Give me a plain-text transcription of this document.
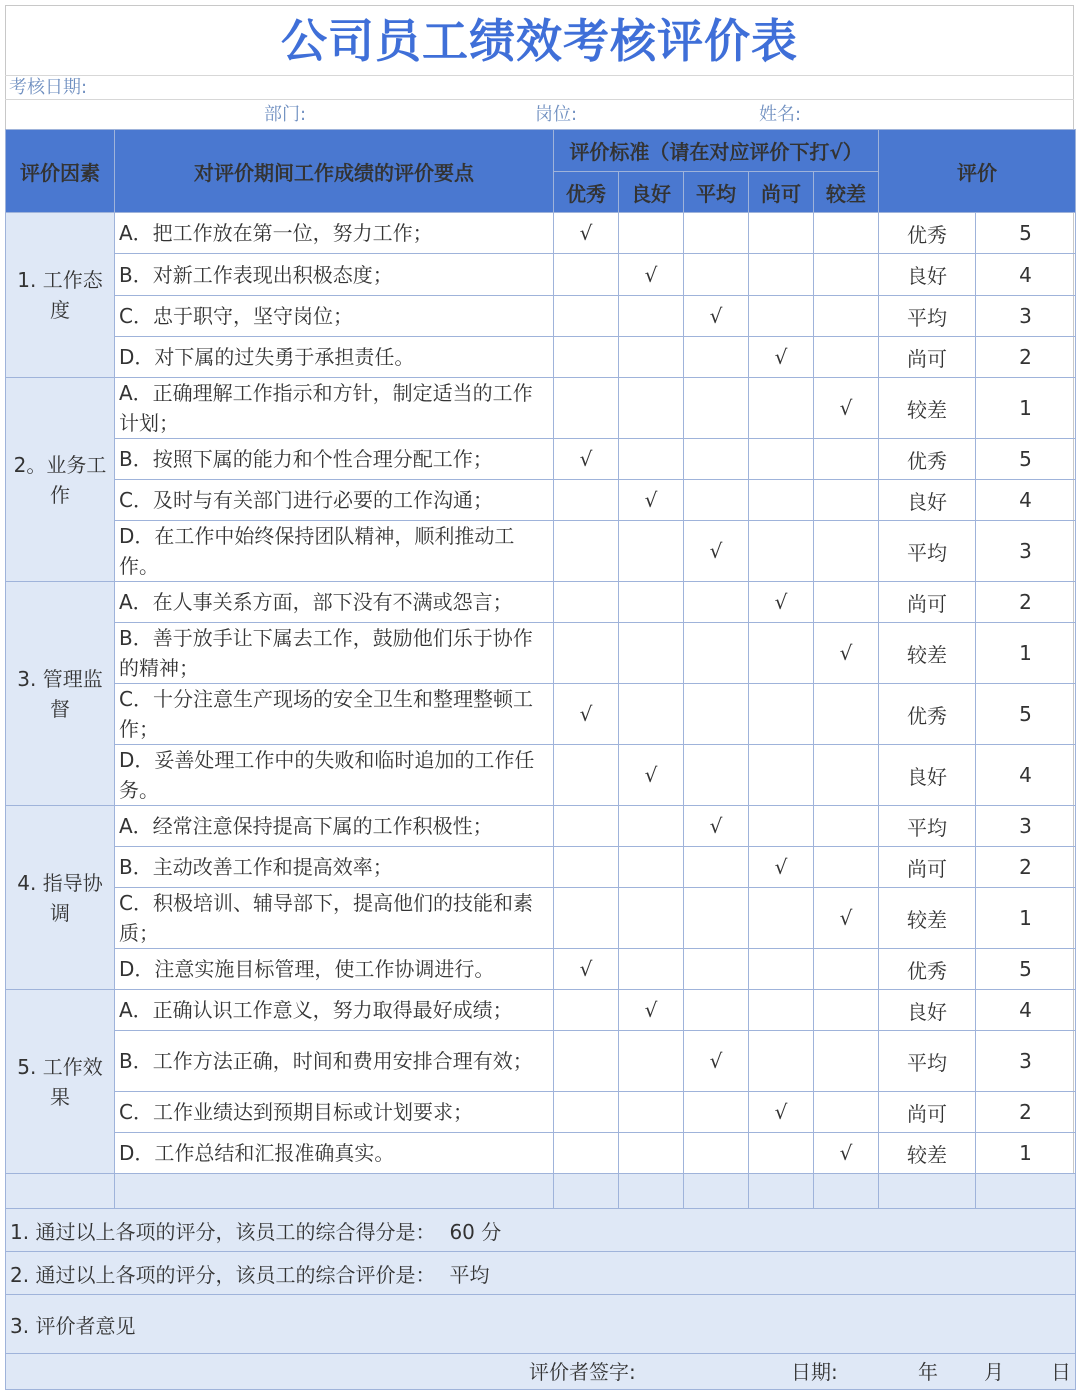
公司员工绩效考核评价表
考核日期:
部门:	岗位:	姓名:
评价因素	对评价期间工作成绩的评价要点	评价标准（请在对应评价下打√）					评价	
		优秀	良好	平均	尚可	较差		
1. 工作态度	A．把工作放在第一位，努力工作；	√					优秀	5
	B．对新工作表现出积极态度；		√				良好	4
	C．忠于职守，坚守岗位；			√			平均	3
	D．对下属的过失勇于承担责任。				√		尚可	2
2。业务工作	A．正确理解工作指示和方针，制定适当的工作计划；					√	较差	1
	B．按照下属的能力和个性合理分配工作；	√					优秀	5
	C．及时与有关部门进行必要的工作沟通；		√				良好	4
	D．在工作中始终保持团队精神，顺利推动工作。			√			平均	3
3. 管理监督	A．在人事关系方面，部下没有不满或怨言；				√		尚可	2
	B．善于放手让下属去工作，鼓励他们乐于协作的精神；					√	较差	1
	C．十分注意生产现场的安全卫生和整理整顿工作；	√					优秀	5
	D．妥善处理工作中的失败和临时追加的工作任务。		√				良好	4
4. 指导协调	A．经常注意保持提高下属的工作积极性；			√			平均	3
	B．主动改善工作和提高效率；				√		尚可	2
	C．积极培训、辅导部下，提高他们的技能和素质；					√	较差	1
	D．注意实施目标管理，使工作协调进行。	√					优秀	5
5. 工作效果	A．正确认识工作意义，努力取得最好成绩；		√				良好	4
	B．工作方法正确，时间和费用安排合理有效；			√			平均	3
	C．工作业绩达到预期目标或计划要求；				√		尚可	2
	D．工作总结和汇报准确真实。					√	较差	1

1. 通过以上各项的评分，该员工的综合得分是： 60 分								
2. 通过以上各项的评分，该员工的综合评价是： 平均								
3. 评价者意见								

评价者签字: 日期: 年 月 日								
